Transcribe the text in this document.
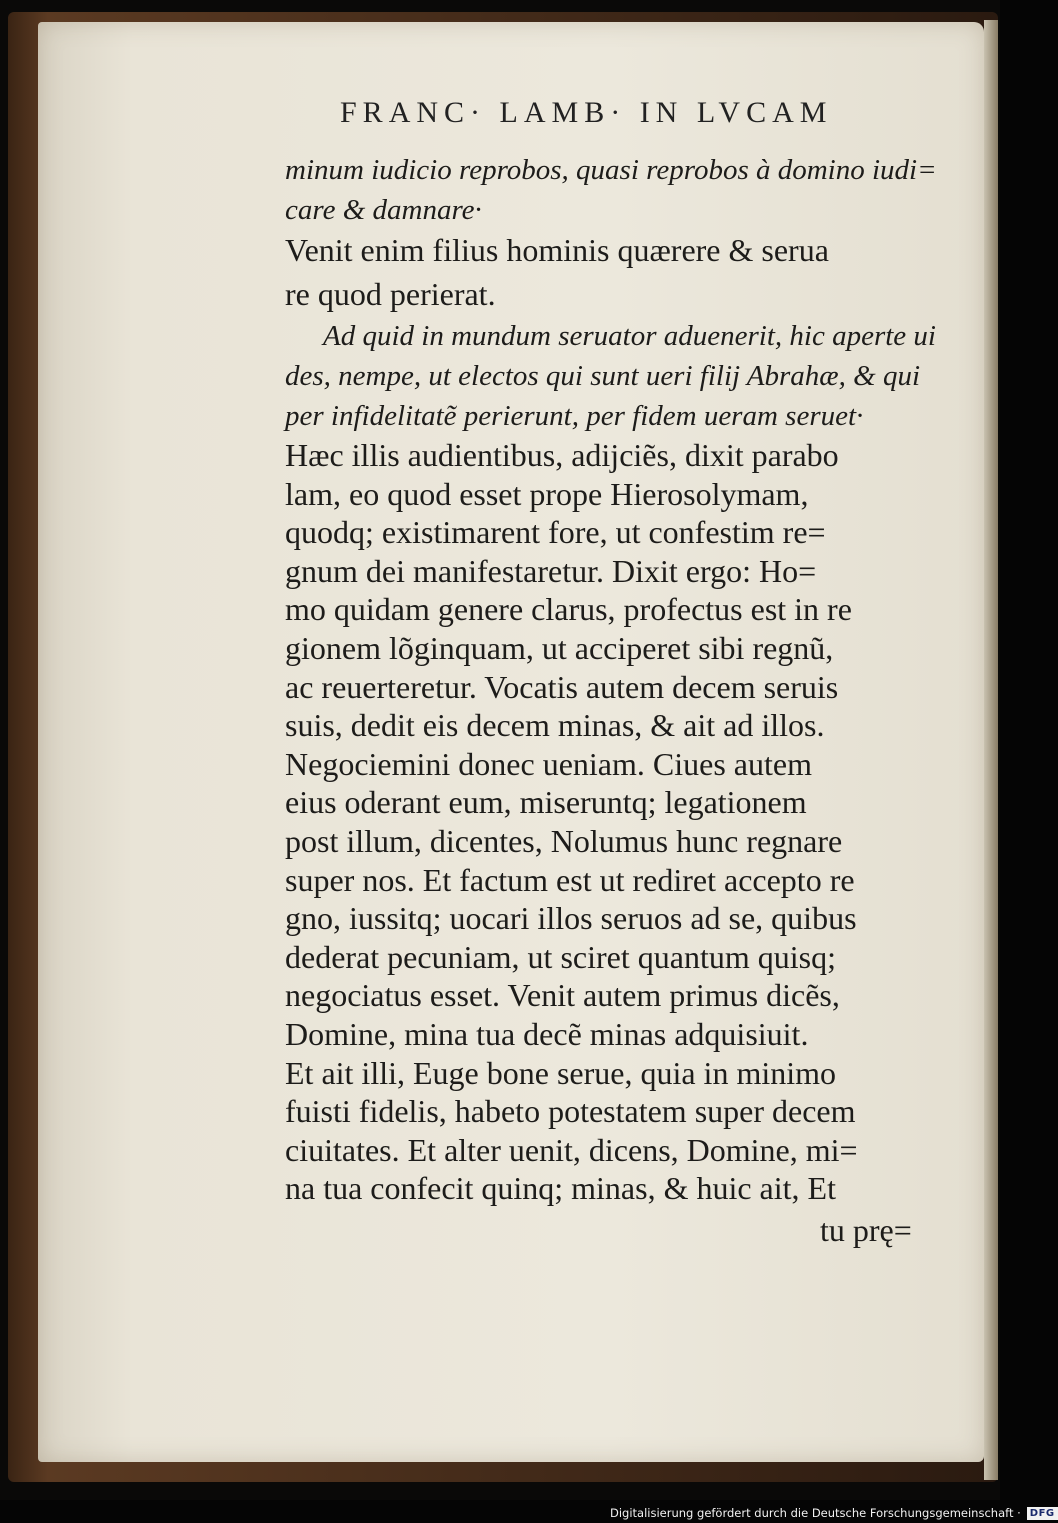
FRANC· LAMB· IN LVCAM
minum iudicio reprobos, quasi reprobos à domino iudi=
care & damnare·
Venit enim filius hominis quærere & serua
re quod perierat.
Ad quid in mundum seruator aduenerit, hic aperte ui
des, nempe, ut electos qui sunt ueri filij Abrahæ, & qui
per infidelitatẽ perierunt, per fidem ueram seruet·
Hæc illis audientibus, adijciẽs, dixit parabo
lam, eo quod esset prope Hierosolymam,
quodq; existimarent fore, ut confestim re=
gnum dei manifestaretur. Dixit ergo: Ho=
mo quidam genere clarus, profectus est in re
gionem lõginquam, ut acciperet sibi regnũ,
ac reuerteretur. Vocatis autem decem seruis
suis, dedit eis decem minas, & ait ad illos.
Negociemini donec ueniam. Ciues autem
eius oderant eum, miseruntq; legationem
post illum, dicentes, Nolumus hunc regnare
super nos. Et factum est ut rediret accepto re
gno, iussitq; uocari illos seruos ad se, quibus
dederat pecuniam, ut sciret quantum quisq;
negociatus esset. Venit autem primus dicẽs,
Domine, mina tua decẽ minas adquisiuit.
Et ait illi, Euge bone serue, quia in minimo
fuisti fidelis, habeto potestatem super decem
ciuitates. Et alter uenit, dicens, Domine, mi=
na tua confecit quinq; minas, & huic ait, Et
tu prę=
Digitalisierung gefördert durch die Deutsche Forschungsgemeinschaft · DFG
